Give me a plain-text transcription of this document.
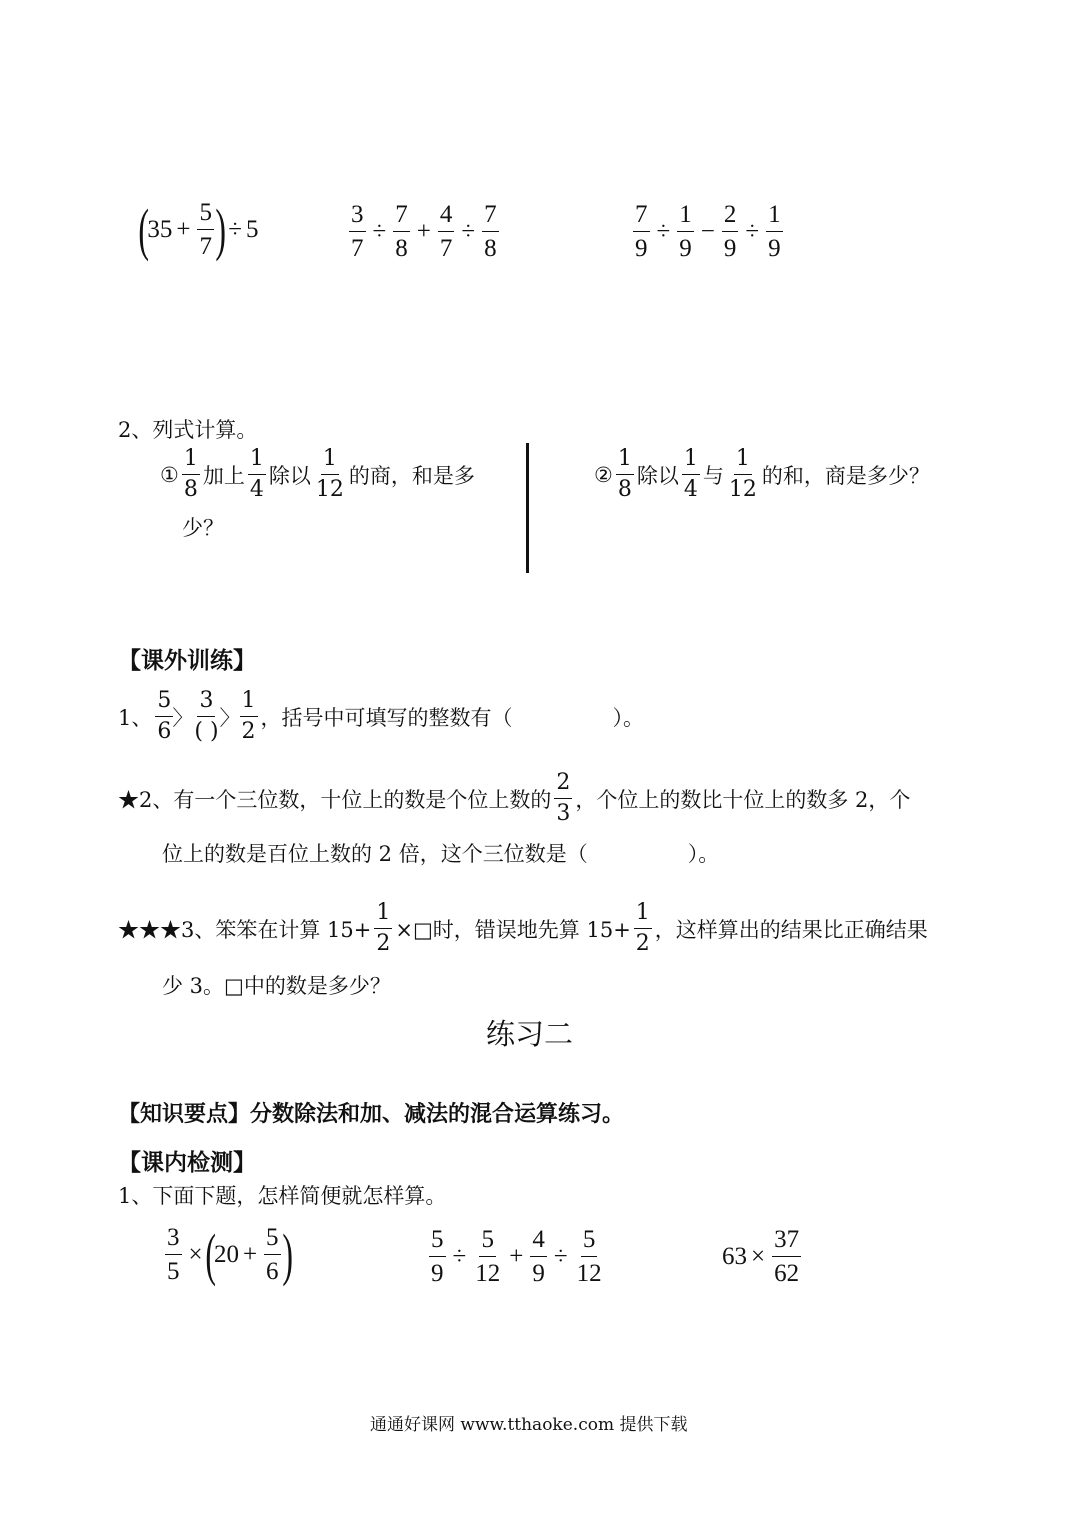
(
$35 + \frac{5}{7}$ ) ÷ 5	$\frac{3}{7} \div \frac{7}{8} + \frac{4}{7} \div \frac{7}{8}$	$\frac{7}{9} \div \frac{1}{9} - \frac{2}{9} \div \frac{1}{9}$
2、列式计算。
① $\frac{1}{8}$ 加上 $\frac{1}{4}$ 除以 $\frac{1}{12}$ 的商，和是多
少？
② $\frac{1}{8}$ 除以 $\frac{1}{4}$ 与 $\frac{1}{12}$ 的和，商是多少？
【课外训练】
1、 $\frac{5}{6}$ 〉 $\frac{3}{( )}$ 〉 $\frac{1}{2}$ ，括号中可填写的整数有（	）。
★2、有一个三位数，十位上的数是个位上数的 $\frac{2}{3}$ ，个位上的数比十位上的数多 2，个
位上的数是百位上数的 2 倍，这个三位数是（	）。
★★★3、笨笨在计算 $15+ \frac{1}{2}$ ×□时，错误地先算 $15+ \frac{1}{2}$ ，这样算出的结果比正确结果
少 3。□中的数是多少？
练习二
【知识要点】分数除法和加、减法的混合运算练习。
【课内检测】
1、下面下题，怎样简便就怎样算。
$\frac{3}{5}$ × (
$20 + \frac{5}{6}$ )	$\frac{5}{9} \div \frac{5}{12} + \frac{4}{9} \div \frac{5}{12}$	$63 \times \frac{37}{62}$
通通好课网 www.tthaoke.com 提供下载
